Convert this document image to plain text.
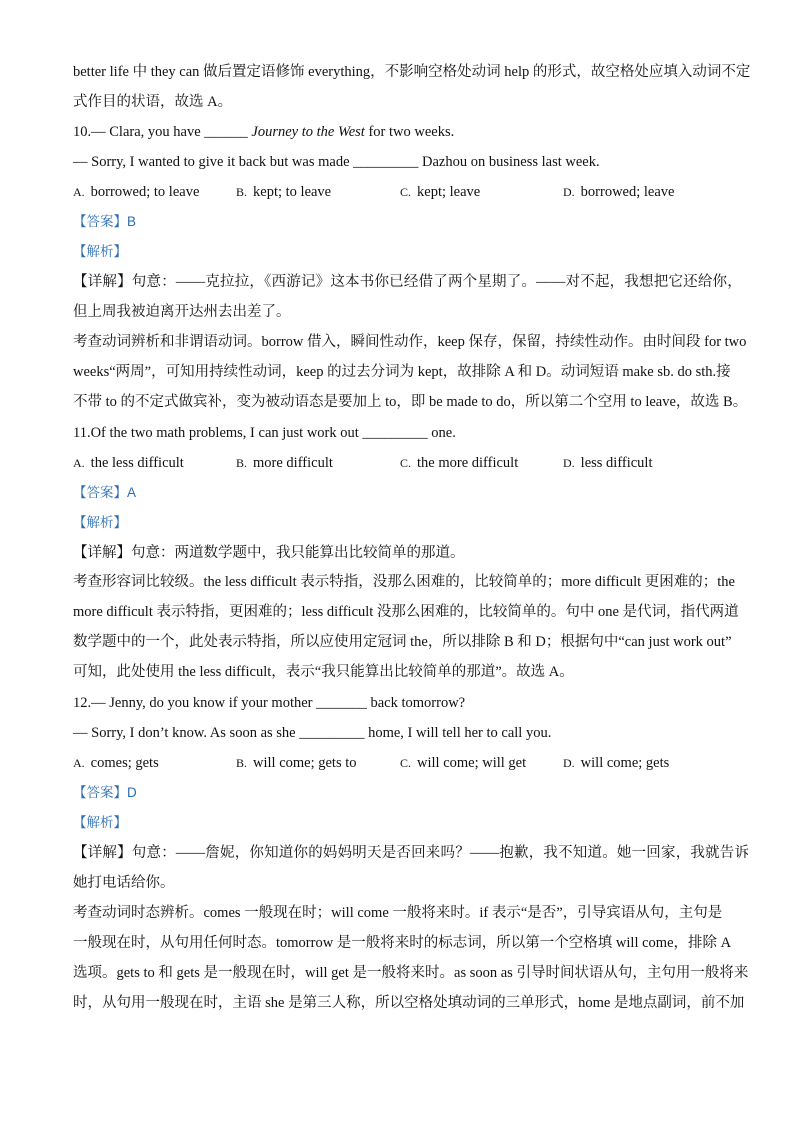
better life 中 they can 做后置定语修饰 everything，不影响空格处动词 help 的形式，故空格处应填入动词不定
式作目的状语，故选 A。
10.— Clara, you have ______ Journey to the West for two weeks.
— Sorry, I wanted to give it back but was made _________ Dazhou on business last week.
A. borrowed; to leave	B. kept; to leave	C. kept; leave	D. borrowed; leave
【答案】B
【解析】
【详解】句意：——克拉拉，《西游记》这本书你已经借了两个星期了。——对不起，我想把它还给你，
但上周我被迫离开达州去出差了。
考查动词辨析和非谓语动词。borrow 借入，瞬间性动作，keep 保存，保留，持续性动作。由时间段 for two
weeks“两周”，可知用持续性动词，keep 的过去分词为 kept，故排除 A 和 D。动词短语 make sb. do sth.接
不带 to 的不定式做宾补，变为被动语态是要加上 to，即 be made to do，所以第二个空用 to leave，故选 B。
11.Of the two math problems, I can just work out _________ one.
A. the less difficult	B. more difficult	C. the more difficult	D. less difficult
【答案】A
【解析】
【详解】句意：两道数学题中，我只能算出比较简单的那道。
考查形容词比较级。the less difficult 表示特指，没那么困难的，比较简单的；more difficult 更困难的；the
more difficult 表示特指，更困难的；less difficult 没那么困难的，比较简单的。句中 one 是代词，指代两道
数学题中的一个，此处表示特指，所以应使用定冠词 the，所以排除 B 和 D；根据句中“can just work out”
可知，此处使用 the less difficult，表示“我只能算出比较简单的那道”。故选 A。
12.— Jenny, do you know if your mother _______ back tomorrow?
— Sorry, I don’t know. As soon as she _________ home, I will tell her to call you.
A. comes; gets	B. will come; gets to	C. will come; will get	D. will come; gets
【答案】D
【解析】
【详解】句意：——詹妮，你知道你的妈妈明天是否回来吗？——抱歉，我不知道。她一回家，我就告诉
她打电话给你。
考查动词时态辨析。comes 一般现在时；will come 一般将来时。if 表示“是否”，引导宾语从句，主句是
一般现在时，从句用任何时态。tomorrow 是一般将来时的标志词，所以第一个空格填 will come，排除 A
选项。gets to 和 gets 是一般现在时，will get 是一般将来时。as soon as 引导时间状语从句，主句用一般将来
时，从句用一般现在时，主语 she 是第三人称，所以空格处填动词的三单形式，home 是地点副词，前不加
